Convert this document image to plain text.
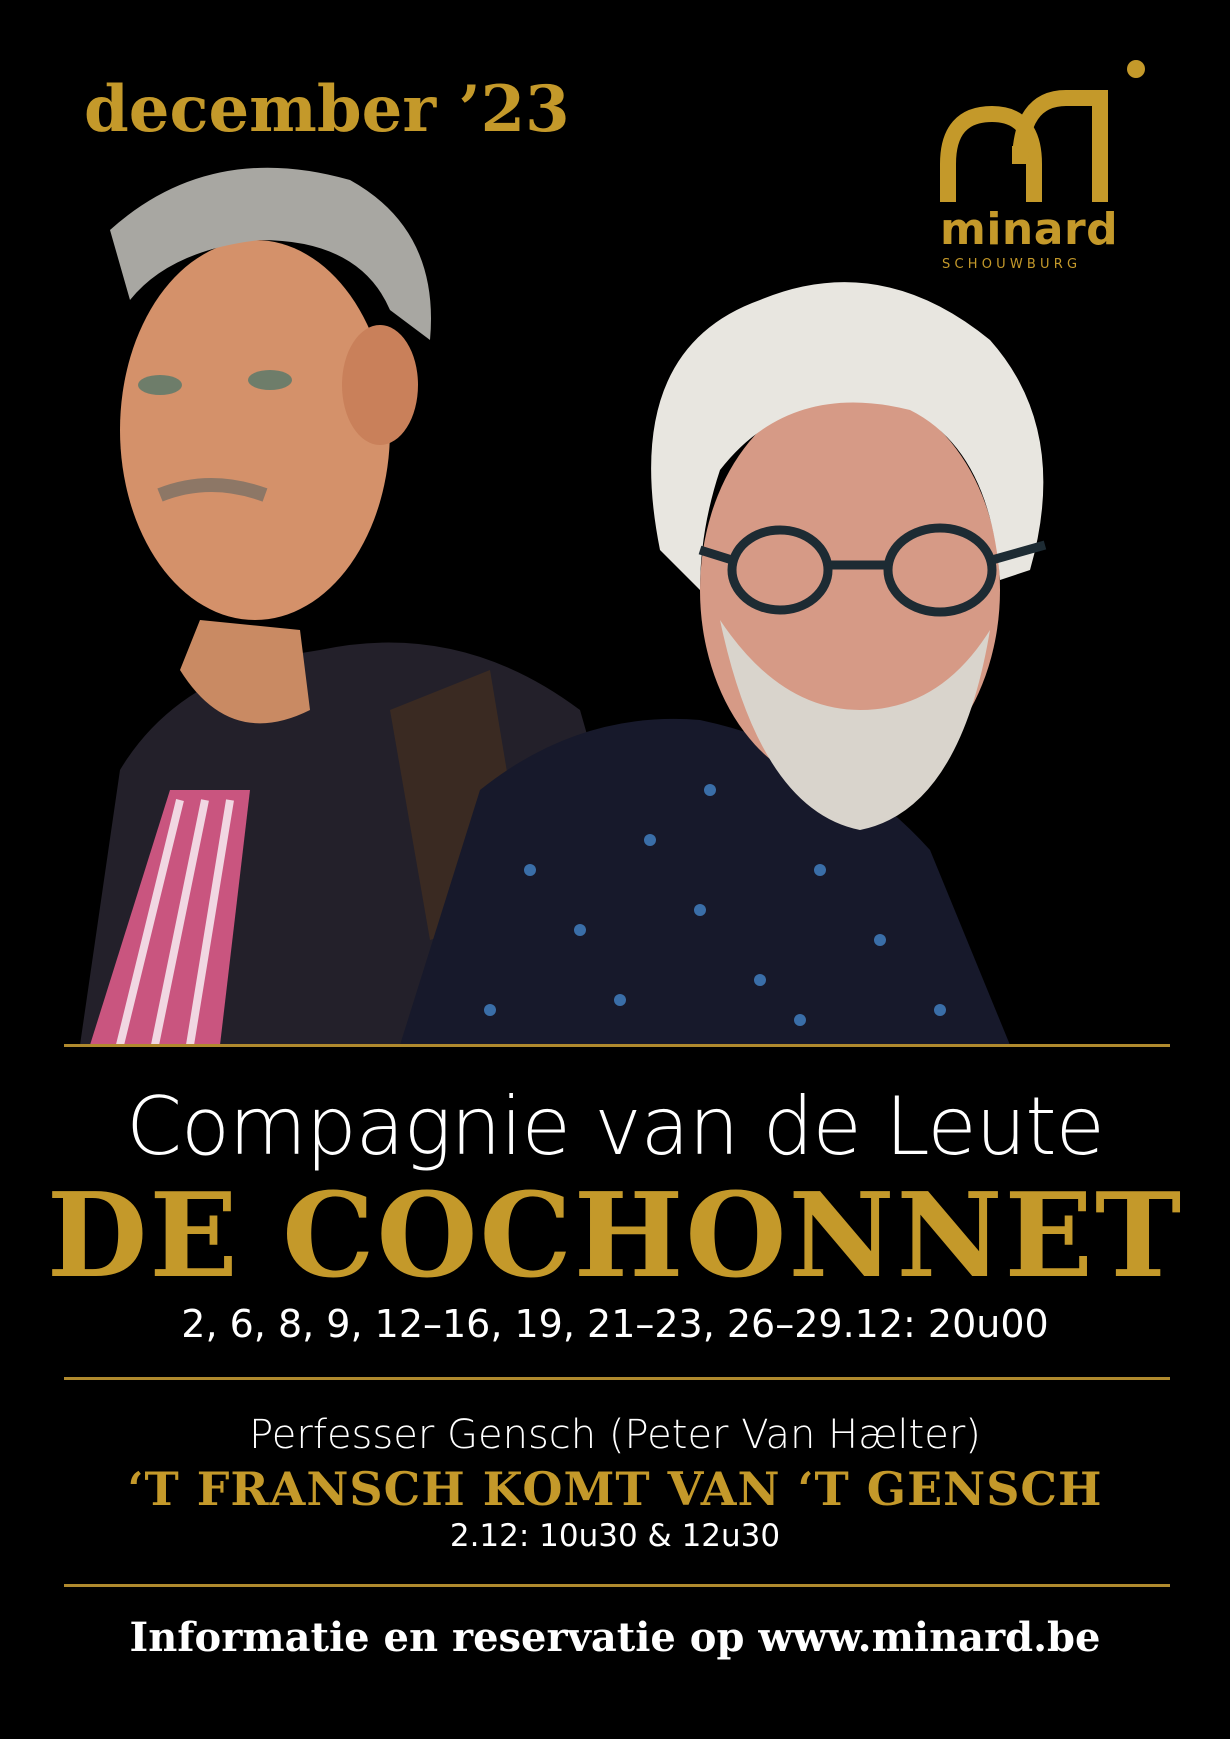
december ’23
minard
SCHOUWBURG
Compagnie van de Leute
DE COCHONNET
2, 6, 8, 9, 12–16, 19, 21–23, 26–29.12: 20u00
Perfesser Gensch (Peter Van Hælter)
‘T FRANSCH KOMT VAN ‘T GENSCH
2.12: 10u30 & 12u30
Informatie en reservatie op www.minard.be
